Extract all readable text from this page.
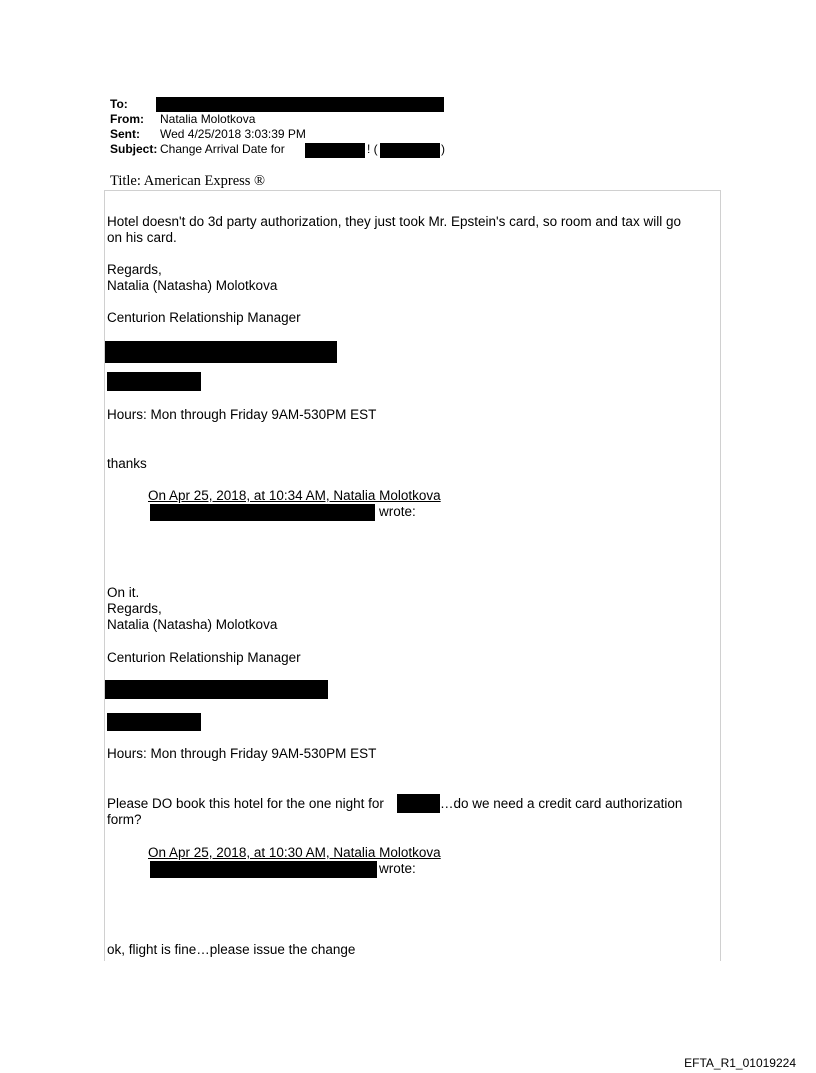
To:
From: Natalia Molotkova
Sent: Wed 4/25/2018 3:03:39 PM
Subject: Change Arrival Date for	! (	)
Title: American Express ®
Hotel doesn't do 3d party authorization, they just took Mr. Epstein's card, so room and tax will go
on his card.
Regards,
Natalia (Natasha) Molotkova
Centurion Relationship Manager
Hours: Mon through Friday 9AM-530PM EST
thanks
On Apr 25, 2018, at 10:34 AM, Natalia Molotkova
wrote:
On it.
Regards,
Natalia (Natasha) Molotkova
Centurion Relationship Manager
Hours: Mon through Friday 9AM-530PM EST
Please DO book this hotel for the one night for	…do we need a credit card authorization
form?
On Apr 25, 2018, at 10:30 AM, Natalia Molotkova
wrote:
ok, flight is fine…please issue the change
EFTA_R1_01019224
